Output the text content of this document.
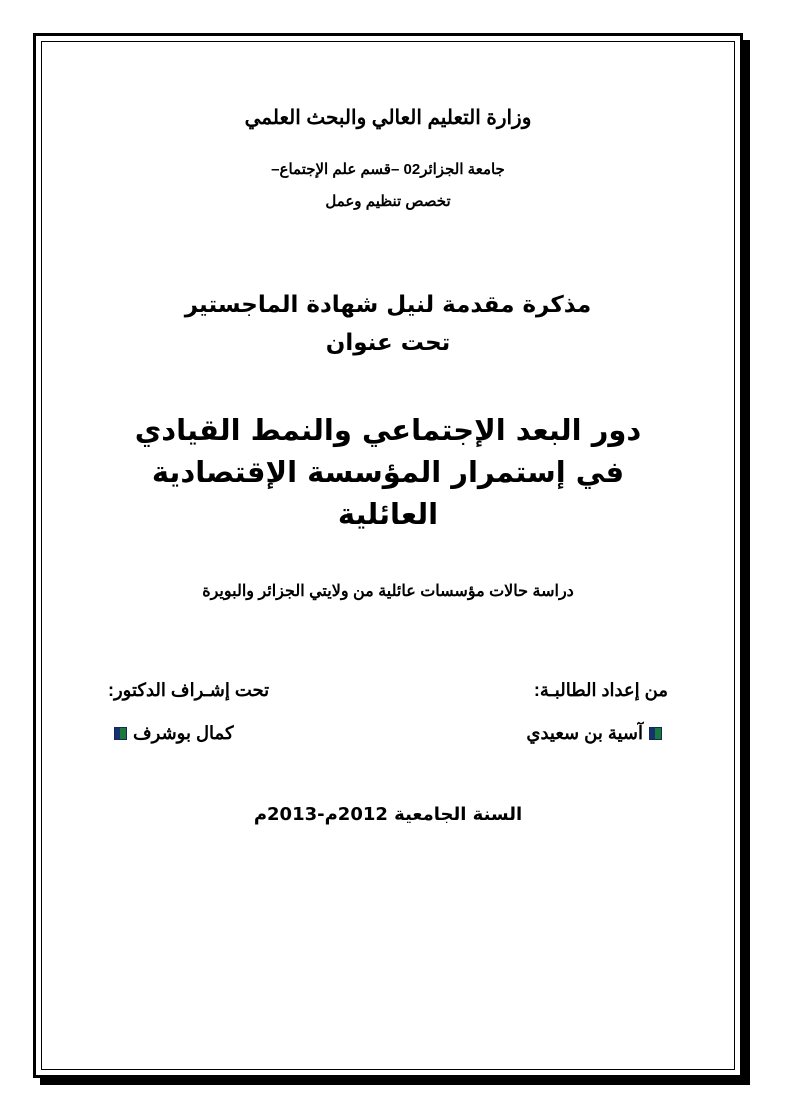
وزارة التعليم العالي والبحث العلمي
جامعة الجزائر02 –قسم علم الإجتماع–
تخصص تنظيم وعمل
مذكرة مقدمة لنيل شهادة الماجستير
تحت عنوان
دور البعد الإجتماعي والنمط القيادي
في إستمرار المؤسسة الإقتصادية
العائلية
دراسة حالات مؤسسات عائلية من ولايتي الجزائر والبويرة
من إعداد الطالبـة:
آسية بن سعيدي
تحت إشـراف الدكتور:
كمال بوشرف
السنة الجامعية 2012م-2013م
